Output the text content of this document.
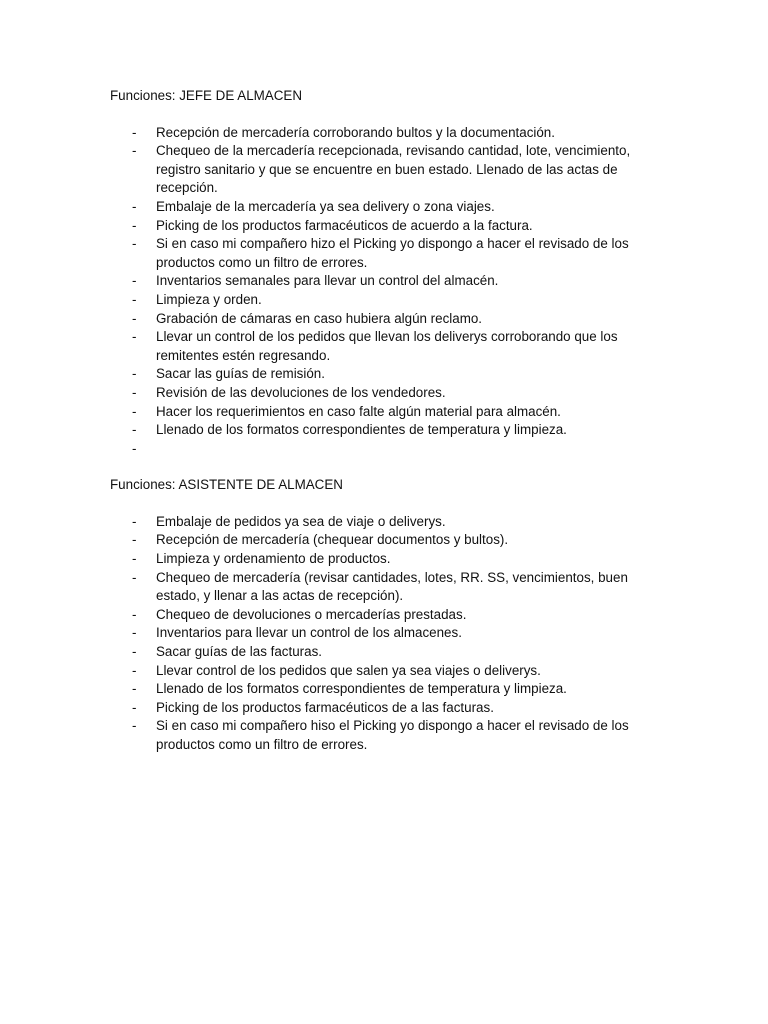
Funciones: JEFE DE ALMACEN
-	Recepción de mercadería corroborando bultos y la documentación.
-	Chequeo de la mercadería recepcionada, revisando cantidad, lote, vencimiento, registro sanitario y que se encuentre en buen estado. Llenado de las actas de recepción.
-	Embalaje de la mercadería ya sea delivery o zona viajes.
-	Picking de los productos farmacéuticos de acuerdo a la factura.
-	Si en caso mi compañero hizo el Picking yo dispongo a hacer el revisado de los productos como un filtro de errores.
-	Inventarios semanales para llevar un control del almacén.
-	Limpieza y orden.
-	Grabación de cámaras en caso hubiera algún reclamo.
-	Llevar un control de los pedidos que llevan los deliverys corroborando que los remitentes estén regresando.
-	Sacar las guías de remisión.
-	Revisión de las devoluciones de los vendedores.
-	Hacer los requerimientos en caso falte algún material para almacén.
-	Llenado de los formatos correspondientes de temperatura y limpieza.
-
Funciones: ASISTENTE DE ALMACEN
-	Embalaje de pedidos ya sea de viaje o deliverys.
-	Recepción de mercadería (chequear documentos y bultos).
-	Limpieza y ordenamiento de productos.
-	Chequeo de mercadería (revisar cantidades, lotes, RR. SS, vencimientos, buen estado, y llenar a las actas de recepción).
-	Chequeo de devoluciones o mercaderías prestadas.
-	Inventarios para llevar un control de los almacenes.
-	Sacar guías de las facturas.
-	Llevar control de los pedidos que salen ya sea viajes o deliverys.
-	Llenado de los formatos correspondientes de temperatura y limpieza.
-	Picking de los productos farmacéuticos de a las facturas.
-	Si en caso mi compañero hiso el Picking yo dispongo a hacer el revisado de los productos como un filtro de errores.
